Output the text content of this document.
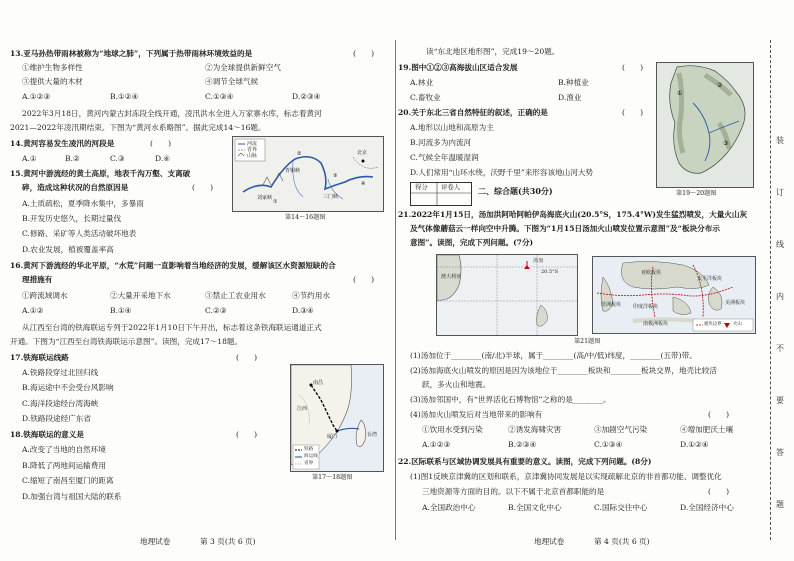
13.亚马孙热带雨林被称为“地球之肺”，下列属于热带雨林环境效益的是	(　　)
①维护生物多样性	②为全球提供新鲜空气
③提供大量的木材	④调节全球气候
A.①②③	B.①②④	C.①③④	D.②③④
2022年3月18日，黄河内蒙古封冻段全线开通，凌汛洪水全进入万家寨水库，标志着黄河
2021—2022年凌汛期结束。下图为“黄河水系略图”。据此完成14～16题。
14.黄河容易发生凌汛的河段是	(　　)
A.①	B.②	C.③	D.④
①
②
③
④
河流
省界
山脉
刘家峡
青铜峡
三门峡
北京
第14～16题图
15.黄河中游流经的黄土高原，地表千沟万壑、支离破
碎，造成这种状况的自然原因是	(　　)
A.土质疏松，夏季降水集中，多暴雨
B.开发历史悠久，长期过量伐
C.修路、采矿等人类活动破坏地表
D.农业发展，植被覆盖率高
16.黄河下游流经的华北平原，“水荒”问题一直影响着当地经济的发展，缓解该区水资源短缺的合
理措施有	(　　)
①跨流域调水	②大量开采地下水	③禁止工农业用水	④节约用水
A.①②	B.①④	C.②③	D.③④
从江西至台湾的铁海联运专列于2022年1月10日下午开出，标志着这条铁海联运通道正式
开通。下图为“江西至台湾铁海联运示意图”。读图，完成17～18题。
17.铁海联运线路	(　　)
A.铁路段穿过北回归线
B.海运途中不会受台风影响
C.海洋段途经台湾海峡
D.铁路段途经广东省
18.铁海联运的意义是	(　　)
A.改变了当地的自然环境
B.降低了两地间运输费用
C.缩短了南昌至厦门的距离
D.加强台湾与祖国大陆的联系
江西
南昌
厦门	台湾
铁路
海运线
省界
第17～18题图
地理试卷	第 3 页(共 6 页)
读“东北地区地形图”，完成19～20题。
19.图中①②③高海拔山区适合发展	(　　)
A.林业	B.种植业
C.畜牧业	D.渔业
20.关于东北三省自然特征的叙述，正确的是	(　　)
A.地形以山地和高原为主
B.河流多为内流河
C.气候全年温暖湿润
D.人们常用“山环水绕，沃野千里”来形容该地山河大势
①
②
③
第19～20题图
得分 评卷人 二、综合题(共30分)
21.2022年1月15日，汤加洪阿哈阿帕伊岛海底火山(20.5°S，175.4°W)发生猛烈喷发，大量火山灰
及气体像蘑菇云一样向空中升腾。下图为“1月15日汤加火山喷发位置示意图”及“板块分布示
意图”。读图，完成下列问题。(7分)
澳大利亚
汤加
20.5°S	亚欧板块
太平洋板块
美洲板块
非洲板块 印度洋板块
南极洲板块	板块边界	火山
第21题图
(1)汤加位于________(南/北)半球，属于________(高/中/低)纬度，________(五带)带。
(2)汤加海底火山喷发的原因是因为该地位于________板块和________板块交界，地壳比较活
跃，多火山和地震。
(3)汤加邻国中，有“世界活化石博物馆”之称的是________。
(4)汤加火山喷发后对当地带来的影响有	(　　)
①饮用水受到污染	②诱发海啸灾害	③加剧空气污染	④增加肥沃土壤
A.①②③	B.②③④	C.①③④	D.①②④
22.区际联系与区域协调发展具有重要的意义。读图，完成下列问题。(8分)
(1)图1反映京津冀的区划和联系，京津冀协同发展是以实现疏解北京的非首都功能、调整优化
三地资源等方面的目的。以下不属于北京首都职能的是	(　　)
A.全国政治中心	B.全国文化中心	C.国际交往中心	D.全国经济中心
地理试卷	第 4 页(共 6 页)
装
订
线
内
不
要
答
题
